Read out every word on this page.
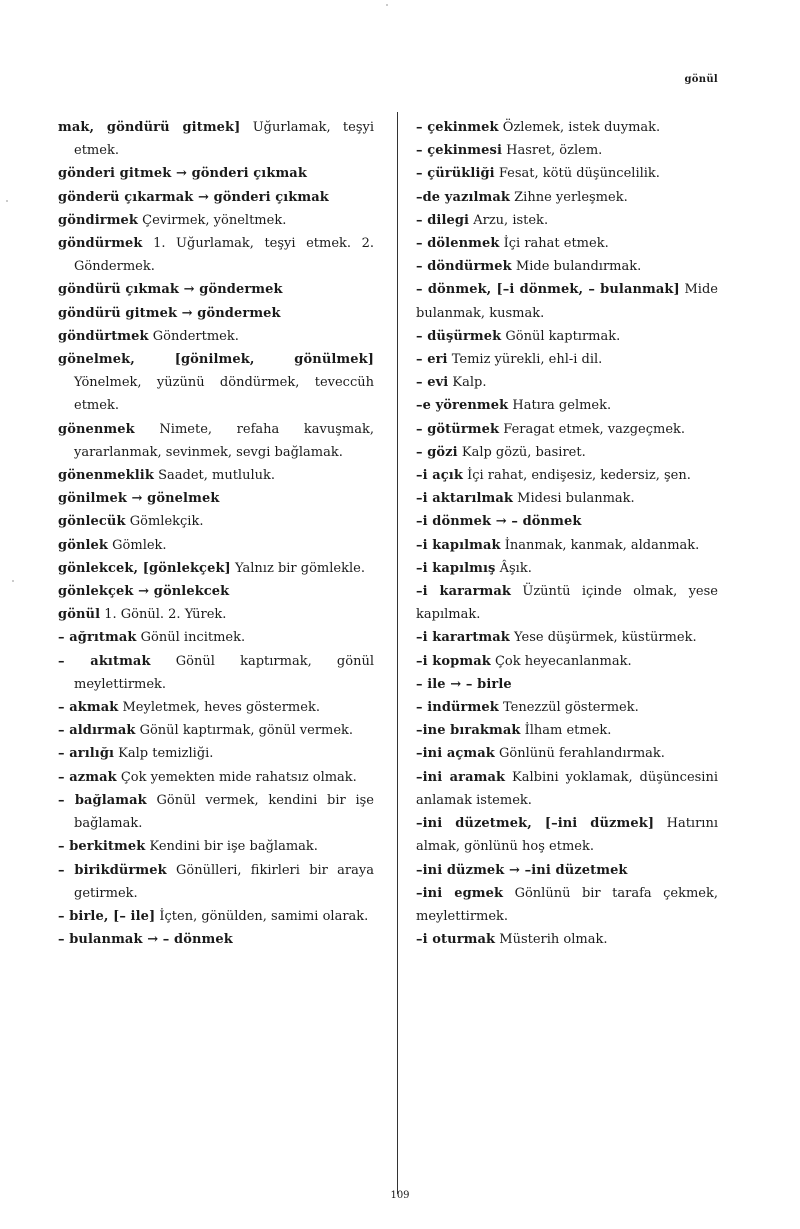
gönül

mak, göndürü gitmek] Uğurlamak, teşyi etmek.

gönderi gitmek → gönderi çıkmak

gönderü çıkarmak → gönderi çıkmak

göndirmek Çevirmek, yöneltmek.

göndürmek 1. Uğurlamak, teşyi etmek. 2. Göndermek.

göndürü çıkmak → göndermek

göndürü gitmek → göndermek

göndürtmek Göndertmek.

gönelmek, [gönilmek, gönülmek] Yönelmek, yüzünü döndürmek, teveccüh etmek.

gönenmek Nimete, refaha kavuşmak, yararlanmak, sevinmek, sevgi bağlamak.

gönenmeklik Saadet, mutluluk.

gönilmek → gönelmek

gönlecük Gömlekçik.

gönlek Gömlek.

gönlekcek, [gönlekçek] Yalnız bir gömlekle.

gönlekçek → gönlekcek

gönül 1. Gönül. 2. Yürek.

– ağrıtmak Gönül incitmek.

– akıtmak Gönül kaptırmak, gönül meylettirmek.

– akmak Meyletmek, heves göstermek.

– aldırmak Gönül kaptırmak, gönül vermek.

– arılığı Kalp temizliği.

– azmak Çok yemekten mide rahatsız olmak.

– bağlamak Gönül vermek, kendini bir işe bağlamak.

– berkitmek Kendini bir işe bağlamak.

– birikdürmek Gönülleri, fikirleri bir araya getirmek.

– birle, [– ile] İçten, gönülden, samimi olarak.

– bulanmak → – dönmek

– çekinmek Özlemek, istek duymak.

– çekinmesi Hasret, özlem.

– çürükliği Fesat, kötü düşüncelilik.

–de yazılmak Zihne yerleşmek.

– dilegi Arzu, istek.

– dölenmek İçi rahat etmek.

– döndürmek Mide bulandırmak.

– dönmek, [–i dönmek, – bulanmak] Mide bulanmak, kusmak.

– düşürmek Gönül kaptırmak.

– eri Temiz yürekli, ehl-i dil.

– evi Kalp.

–e yörenmek Hatıra gelmek.

– götürmek Feragat etmek, vazgeçmek.

– gözi Kalp gözü, basiret.

–i açık İçi rahat, endişesiz, kedersiz, şen.

–i aktarılmak Midesi bulanmak.

–i dönmek → – dönmek

–i kapılmak İnanmak, kanmak, aldanmak.

–i kapılmış Âşık.

–i kararmak Üzüntü içinde olmak, yese kapılmak.

–i karartmak Yese düşürmek, küstürmek.

–i kopmak Çok heyecanlanmak.

– ile → – birle

– indürmek Tenezzül göstermek.

–ine bırakmak İlham etmek.

–ini açmak Gönlünü ferahlandırmak.

–ini aramak Kalbini yoklamak, düşüncesini anlamak istemek.

–ini düzetmek, [–ini düzmek] Hatırını almak, gönlünü hoş etmek.

–ini düzmek → –ini düzetmek

–ini egmek Gönlünü bir tarafa çekmek, meylettirmek.

–i oturmak Müsterih olmak.

109
